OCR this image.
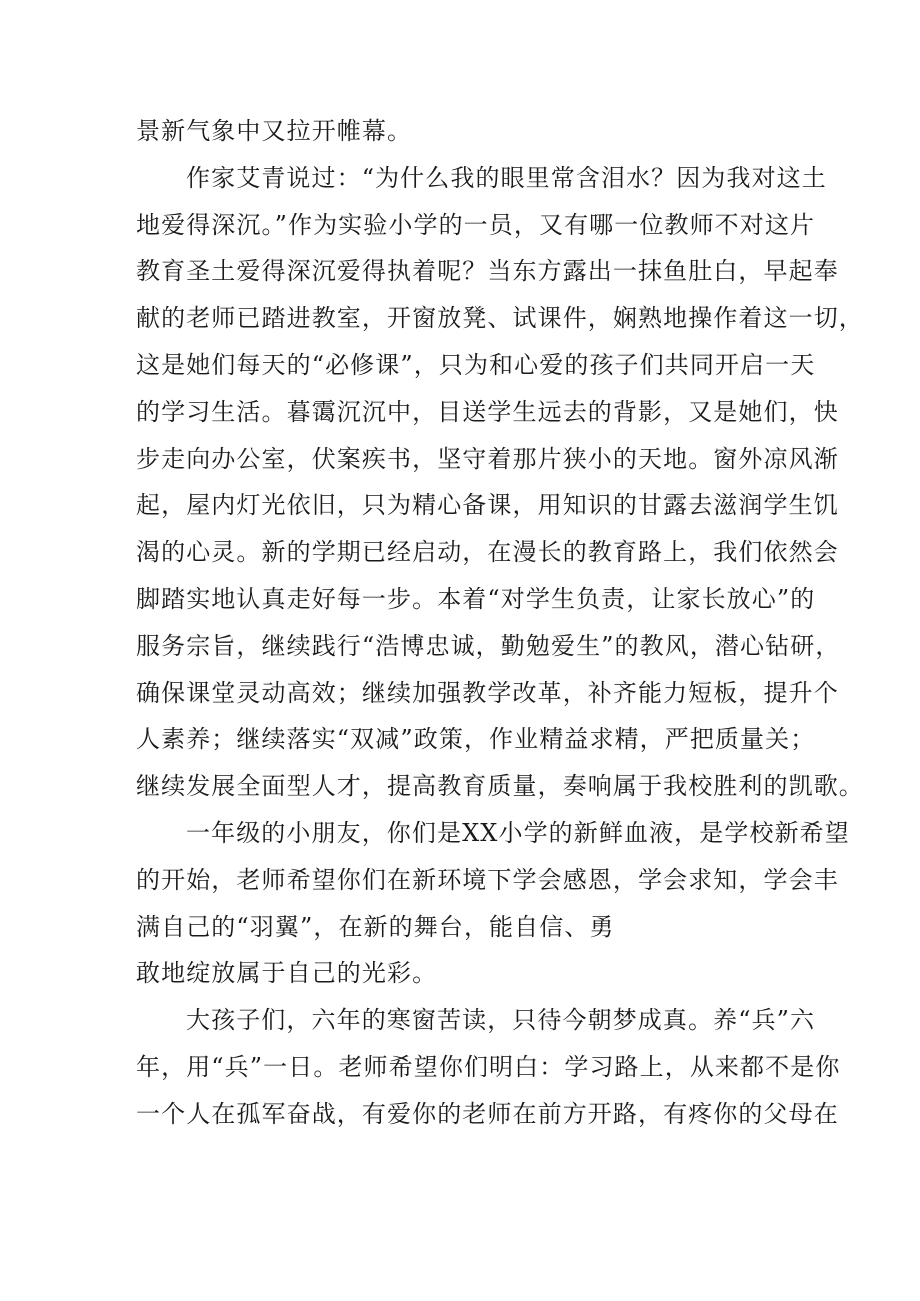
景新气象中又拉开帷幕。
作家艾青说过：“为什么我的眼里常含泪水？因为我对这土
地爱得深沉。”作为实验小学的一员，又有哪一位教师不对这片
教育圣土爱得深沉爱得执着呢？当东方露出一抹鱼肚白，早起奉
献的老师已踏进教室，开窗放凳、试课件，娴熟地操作着这一切，
这是她们每天的“必修课”，只为和心爱的孩子们共同开启一天
的学习生活。暮霭沉沉中，目送学生远去的背影，又是她们，快
步走向办公室，伏案疾书，坚守着那片狭小的天地。窗外凉风渐
起，屋内灯光依旧，只为精心备课，用知识的甘露去滋润学生饥
渴的心灵。新的学期已经启动，在漫长的教育路上，我们依然会
脚踏实地认真走好每一步。本着“对学生负责，让家长放心”的
服务宗旨，继续践行“浩博忠诚，勤勉爱生”的教风，潜心钻研，
确保课堂灵动高效；继续加强教学改革，补齐能力短板，提升个
人素养；继续落实“双减”政策，作业精益求精，严把质量关；
继续发展全面型人才，提高教育质量，奏响属于我校胜利的凯歌。
一年级的小朋友，你们是XX小学的新鲜血液，是学校新希望
的开始，老师希望你们在新环境下学会感恩，学会求知，学会丰
满自己的“羽翼”，在新的舞台，能自信、勇
敢地绽放属于自己的光彩。
大孩子们，六年的寒窗苦读，只待今朝梦成真。养“兵”六
年，用“兵”一日。老师希望你们明白：学习路上，从来都不是你
一个人在孤军奋战，有爱你的老师在前方开路，有疼你的父母在
